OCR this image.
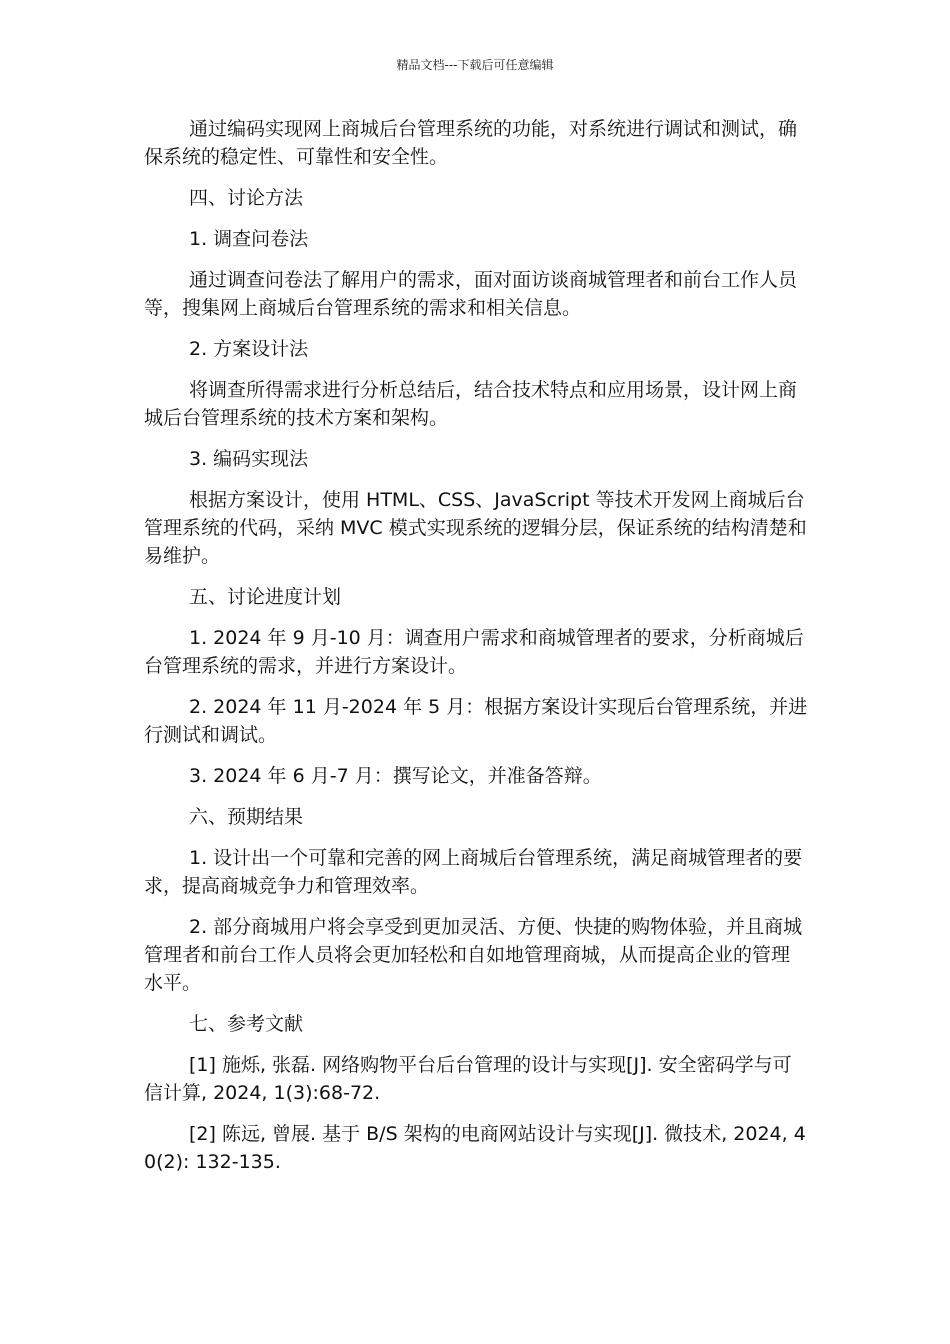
精品文档---下载后可任意编辑

通过编码实现网上商城后台管理系统的功能，对系统进行调试和测试，确保系统的稳定性、可靠性和安全性。

四、讨论方法

1. 调查问卷法

通过调查问卷法了解用户的需求，面对面访谈商城管理者和前台工作人员等，搜集网上商城后台管理系统的需求和相关信息。

2. 方案设计法

将调查所得需求进行分析总结后，结合技术特点和应用场景，设计网上商城后台管理系统的技术方案和架构。

3. 编码实现法

根据方案设计，使用 HTML、CSS、JavaScript 等技术开发网上商城后台管理系统的代码，采纳 MVC 模式实现系统的逻辑分层，保证系统的结构清楚和易维护。

五、讨论进度计划

1. 2024 年 9 月-10 月：调查用户需求和商城管理者的要求，分析商城后台管理系统的需求，并进行方案设计。

2. 2024 年 11 月-2024 年 5 月：根据方案设计实现后台管理系统，并进行测试和调试。

3. 2024 年 6 月-7 月：撰写论文，并准备答辩。

六、预期结果

1. 设计出一个可靠和完善的网上商城后台管理系统，满足商城管理者的要求，提高商城竞争力和管理效率。

2. 部分商城用户将会享受到更加灵活、方便、快捷的购物体验，并且商城管理者和前台工作人员将会更加轻松和自如地管理商城，从而提高企业的管理水平。

七、参考文献

[1] 施烁, 张磊. 网络购物平台后台管理的设计与实现[J]. 安全密码学与可信计算, 2024, 1(3):68-72.

[2] 陈远, 曾展. 基于 B/S 架构的电商网站设计与实现[J]. 微技术, 2024, 40(2): 132-135.
